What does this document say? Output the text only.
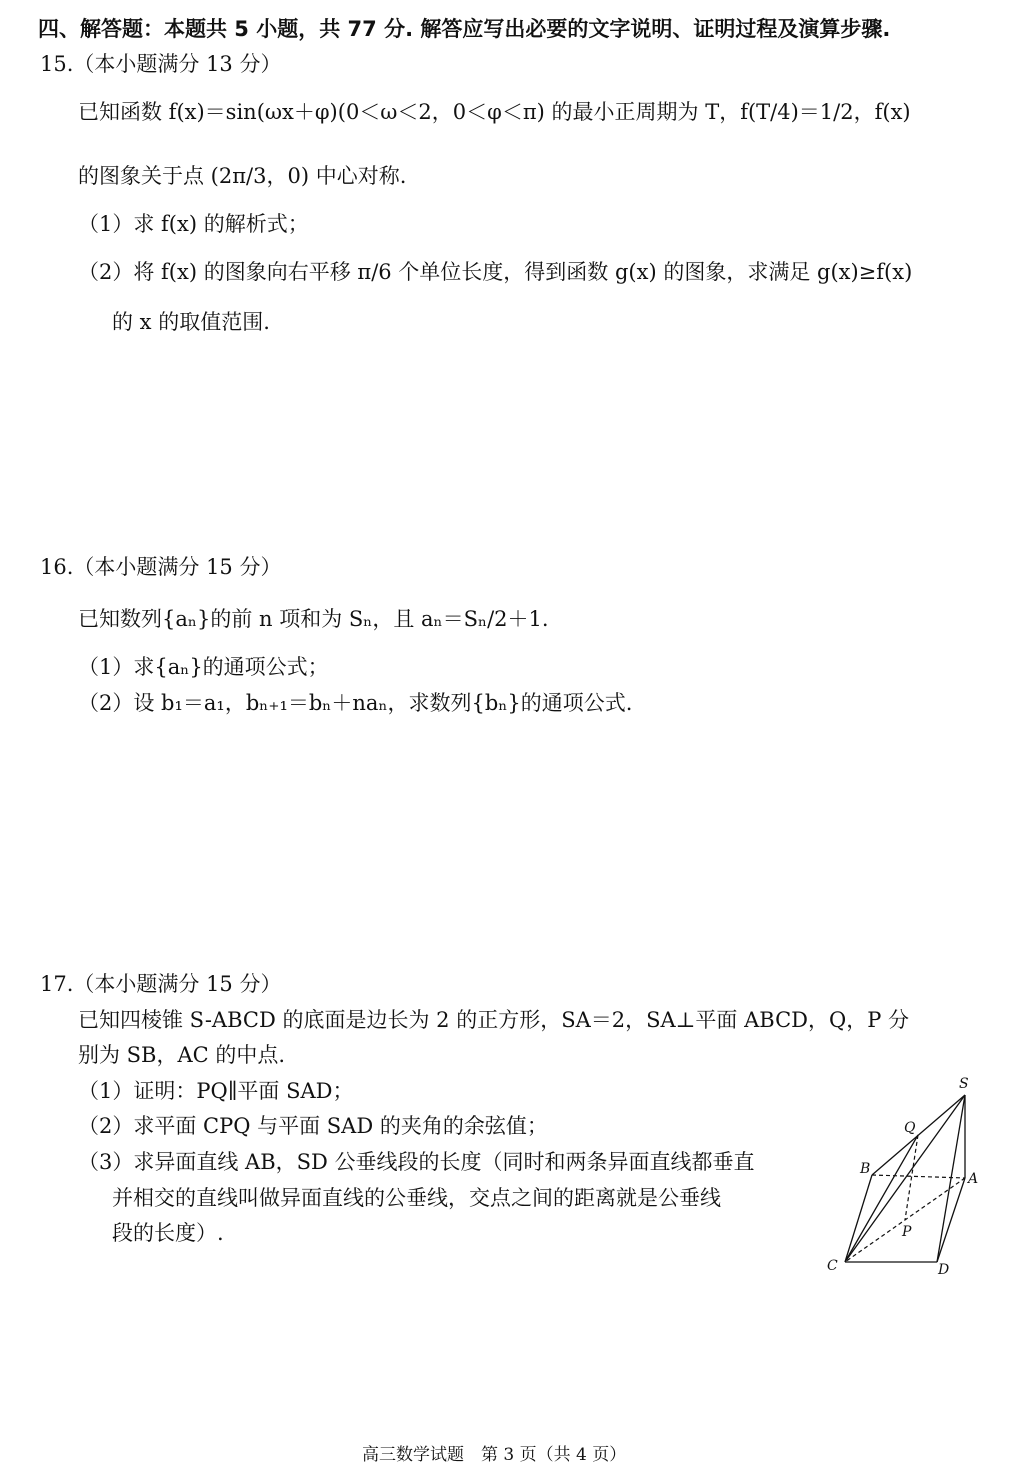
四、解答题：本题共 5 小题，共 77 分. 解答应写出必要的文字说明、证明过程及演算步骤.
15.（本小题满分 13 分）
已知函数 f(x)＝sin(ωx＋φ)(0＜ω＜2，0＜φ＜π) 的最小正周期为 T，f(T/4)＝1/2，f(x)
的图象关于点 (2π/3，0) 中心对称.
（1）求 f(x) 的解析式；
（2）将 f(x) 的图象向右平移 π/6 个单位长度，得到函数 g(x) 的图象，求满足 g(x)≥f(x)
的 x 的取值范围.
16.（本小题满分 15 分）
已知数列{aₙ}的前 n 项和为 Sₙ，且 aₙ＝Sₙ/2＋1.
（1）求{aₙ}的通项公式；
（2）设 b₁＝a₁，bₙ₊₁＝bₙ＋naₙ，求数列{bₙ}的通项公式.
17.（本小题满分 15 分）
已知四棱锥 S-ABCD 的底面是边长为 2 的正方形，SA＝2，SA⊥平面 ABCD，Q，P 分
别为 SB，AC 的中点.
（1）证明：PQ∥平面 SAD；
（2）求平面 CPQ 与平面 SAD 的夹角的余弦值；
（3）求异面直线 AB，SD 公垂线段的长度（同时和两条异面直线都垂直
并相交的直线叫做异面直线的公垂线，交点之间的距离就是公垂线
段的长度）.
S
Q
B
A
P
C	D
高三数学试题　第 3 页（共 4 页）
